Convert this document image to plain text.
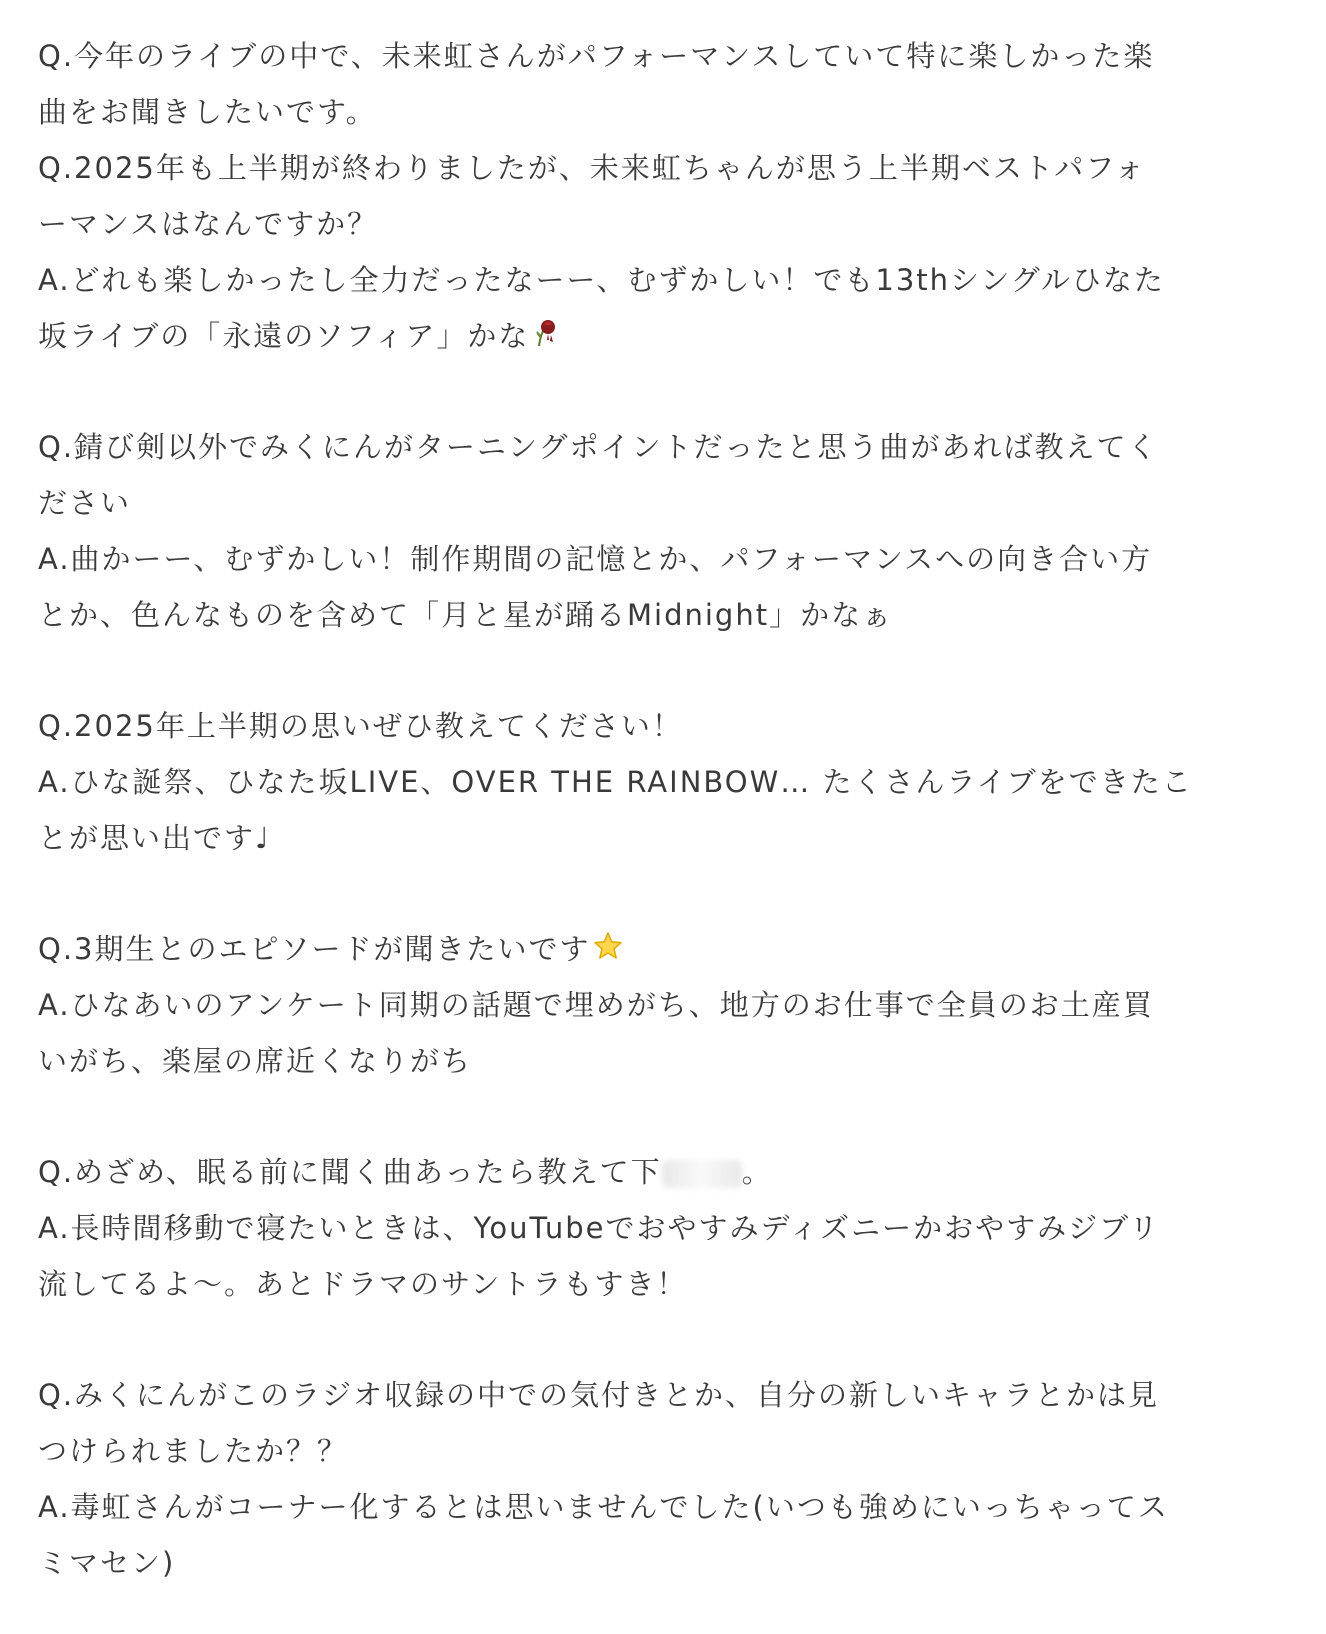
Q.今年のライブの中で、未来虹さんがパフォーマンスしていて特に楽しかった楽
曲をお聞きしたいです。
Q.2025年も上半期が終わりましたが、未来虹ちゃんが思う上半期ベストパフォ
ーマンスはなんですか？
A.どれも楽しかったし全力だったなーー、むずかしい！でも13thシングルひなた
坂ライブの「永遠のソフィア」かな
Q.錆び剣以外でみくにんがターニングポイントだったと思う曲があれば教えてく
ださい
A.曲かーー、むずかしい！制作期間の記憶とか、パフォーマンスへの向き合い方
とか、色んなものを含めて「月と星が踊るMidnight」かなぁ
Q.2025年上半期の思いぜひ教えてください！
A.ひな誕祭、ひなた坂LIVE、OVER THE RAINBOW… たくさんライブをできたこ
とが思い出です♩
Q.3期生とのエピソードが聞きたいです
A.ひなあいのアンケート同期の話題で埋めがち、地方のお仕事で全員のお土産買
いがち、楽屋の席近くなりがち
Q.めざめ、眠る前に聞く曲あったら教えて下	。
A.長時間移動で寝たいときは、YouTubeでおやすみディズニーかおやすみジブリ
流してるよ〜。あとドラマのサントラもすき！
Q.みくにんがこのラジオ収録の中での気付きとか、自分の新しいキャラとかは見
つけられましたか？？
A.毒虹さんがコーナー化するとは思いませんでした(いつも強めにいっちゃってス
ミマセン)
